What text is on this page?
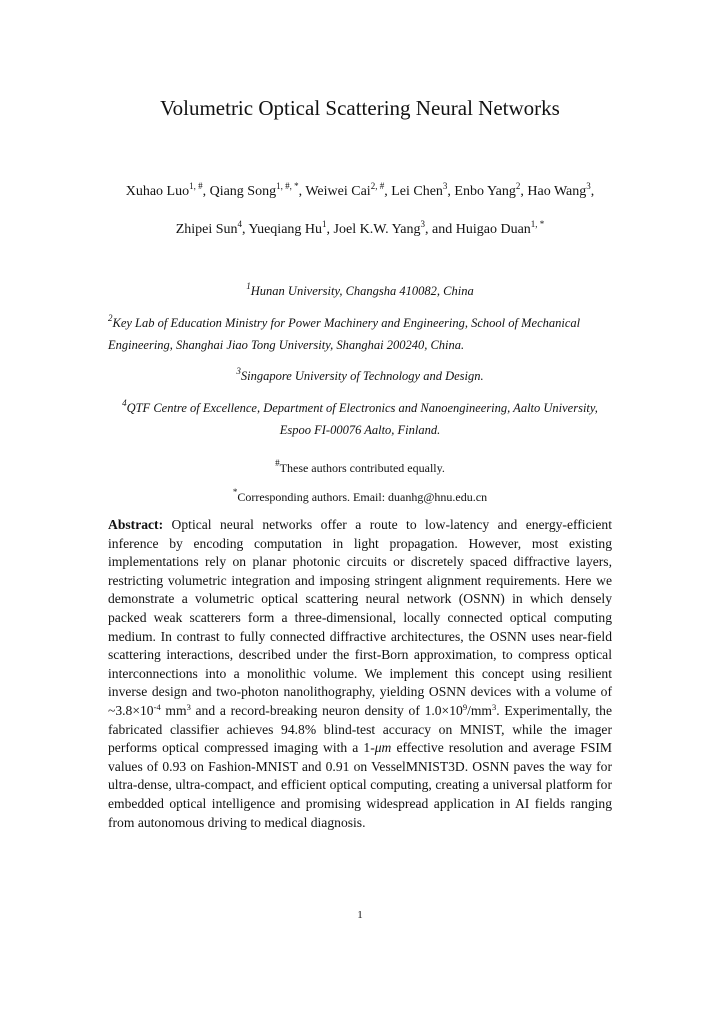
Volumetric Optical Scattering Neural Networks
Xuhao Luo$^{1, \#}$, Qiang Song$^{1, \#, *}$, Weiwei Cai$^{2, \#}$, Lei Chen$^3$, Enbo Yang$^2$, Hao Wang$^3$,
Zhipei Sun$^4$, Yueqiang Hu$^1$, Joel K.W. Yang$^3$, and Huigao Duan$^{1, *}$
$^1$Hunan University, Changsha 410082, China
$^2$Key Lab of Education Ministry for Power Machinery and Engineering, School of Mechanical Engineering, Shanghai Jiao Tong University, Shanghai 200240, China.
$^3$Singapore University of Technology and Design.
$^4$QTF Centre of Excellence, Department of Electronics and Nanoengineering, Aalto University, Espoo FI-00076 Aalto, Finland.
#These authors contributed equally.
*Corresponding authors. Email: duanhg@hnu.edu.cn

Abstract: Optical neural networks offer a route to low-latency and energy-efficient inference by encoding computation in light propagation. However, most existing implementations rely on planar photonic circuits or discretely spaced diffractive layers, restricting volumetric integration and imposing stringent alignment requirements. Here we demonstrate a volumetric optical scattering neural network (OSNN) in which densely packed weak scatterers form a three-dimensional, locally connected optical computing medium. In contrast to fully connected diffractive architectures, the OSNN uses near-field scattering interactions, described under the first-Born approximation, to compress optical interconnections into a monolithic volume. We implement this concept using resilient inverse design and two-photon nanolithography, yielding OSNN devices with a volume of $\sim 3.8\times 10^{-4}$ $mm^3$ and a record-breaking neuron density of $1.0\times 10^9/mm^3$. Experimentally, the fabricated classifier achieves 94.8% blind-test accuracy on MNIST, while the imager performs optical compressed imaging with a 1-μm effective resolution and average FSIM values of 0.93 on Fashion-MNIST and 0.91 on VesselMNIST3D. OSNN paves the way for ultra-dense, ultra-compact, and efficient optical computing, creating a universal platform for embedded optical intelligence and promising widespread application in AI fields ranging from autonomous driving to medical diagnosis.

1
